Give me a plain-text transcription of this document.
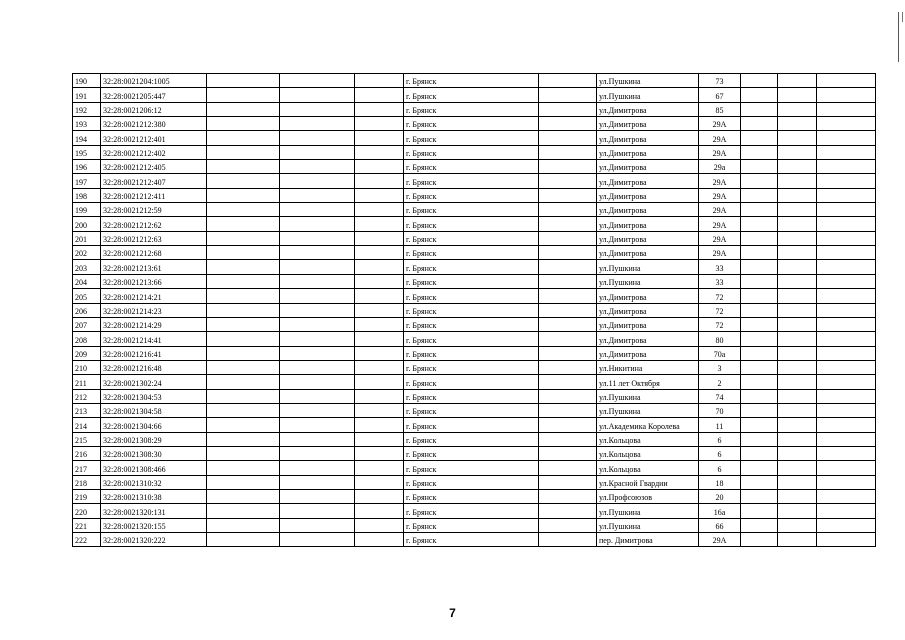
190	32:28:0021204:1005				г. Брянск		ул.Пушкина	73			
191	32:28:0021205:447				г. Брянск		ул.Пушкина	67			
192	32:28:0021206:12				г. Брянск		ул.Димитрова	85			
193	32:28:0021212:380				г. Брянск		ул.Димитрова	29А			
194	32:28:0021212:401				г. Брянск		ул.Димитрова	29А			
195	32:28:0021212:402				г. Брянск		ул.Димитрова	29А			
196	32:28:0021212:405				г. Брянск		ул.Димитрова	29а			
197	32:28:0021212:407				г. Брянск		ул.Димитрова	29А			
198	32:28:0021212:411				г. Брянск		ул.Димитрова	29А			
199	32:28:0021212:59				г. Брянск		ул.Димитрова	29А			
200	32:28:0021212:62				г. Брянск		ул.Димитрова	29А			
201	32:28:0021212:63				г. Брянск		ул.Димитрова	29А			
202	32:28:0021212:68				г. Брянск		ул.Димитрова	29А			
203	32:28:0021213:61				г. Брянск		ул.Пушкина	33			
204	32:28:0021213:66				г. Брянск		ул.Пушкина	33			
205	32:28:0021214:21				г. Брянск		ул.Димитрова	72			
206	32:28:0021214:23				г. Брянск		ул.Димитрова	72			
207	32:28:0021214:29				г. Брянск		ул.Димитрова	72			
208	32:28:0021214:41				г. Брянск		ул.Димитрова	80			
209	32:28:0021216:41				г. Брянск		ул.Димитрова	70а			
210	32:28:0021216:48				г. Брянск		ул.Никитина	3			
211	32:28:0021302:24				г. Брянск		ул.11 лет Октября	2			
212	32:28:0021304:53				г. Брянск		ул.Пушкина	74			
213	32:28:0021304:58				г. Брянск		ул.Пушкина	70			
214	32:28:0021304:66				г. Брянск		ул.Академика Королева	11			
215	32:28:0021308:29				г. Брянск		ул.Кольцова	6			
216	32:28:0021308:30				г. Брянск		ул.Кольцова	6			
217	32:28:0021308:466				г. Брянск		ул.Кольцова	6			
218	32:28:0021310:32				г. Брянск		ул.Красной Гвардии	18			
219	32:28:0021310:38				г. Брянск		ул.Профсоюзов	20			
220	32:28:0021320:131				г. Брянск		ул.Пушкина	16а			
221	32:28:0021320:155				г. Брянск		ул.Пушкина	66			
222	32:28:0021320:222				г. Брянск		пер. Димитрова	29А			
7
